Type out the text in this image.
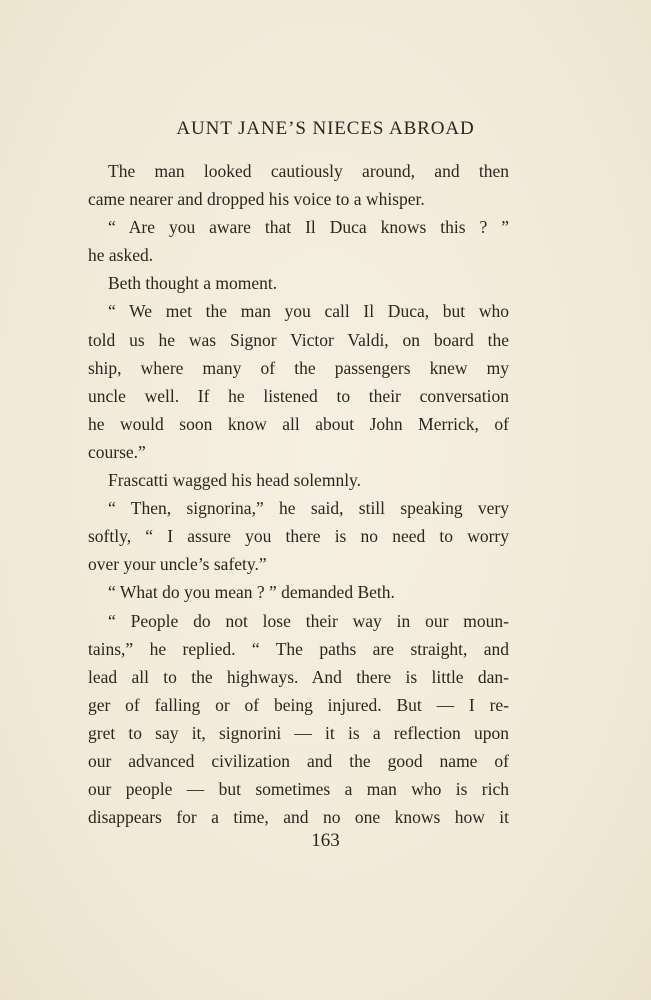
AUNT JANE’S NIECES ABROAD
The man looked cautiously around, and then
came nearer and dropped his voice to a whisper.
“ Are you aware that Il Duca knows this ? ”
he asked.
Beth thought a moment.
“ We met the man you call Il Duca, but who
told us he was Signor Victor Valdi, on board the
ship, where many of the passengers knew my
uncle well. If he listened to their conversation
he would soon know all about John Merrick, of
course.”
Frascatti wagged his head solemnly.
“ Then, signorina,” he said, still speaking very
softly, “ I assure you there is no need to worry
over your uncle’s safety.”
“ What do you mean ? ” demanded Beth.
“ People do not lose their way in our moun-
tains,” he replied. “ The paths are straight, and
lead all to the highways. And there is little dan-
ger of falling or of being injured. But — I re-
gret to say it, signorini — it is a reflection upon
our advanced civilization and the good name of
our people — but sometimes a man who is rich
disappears for a time, and no one knows how it
163
